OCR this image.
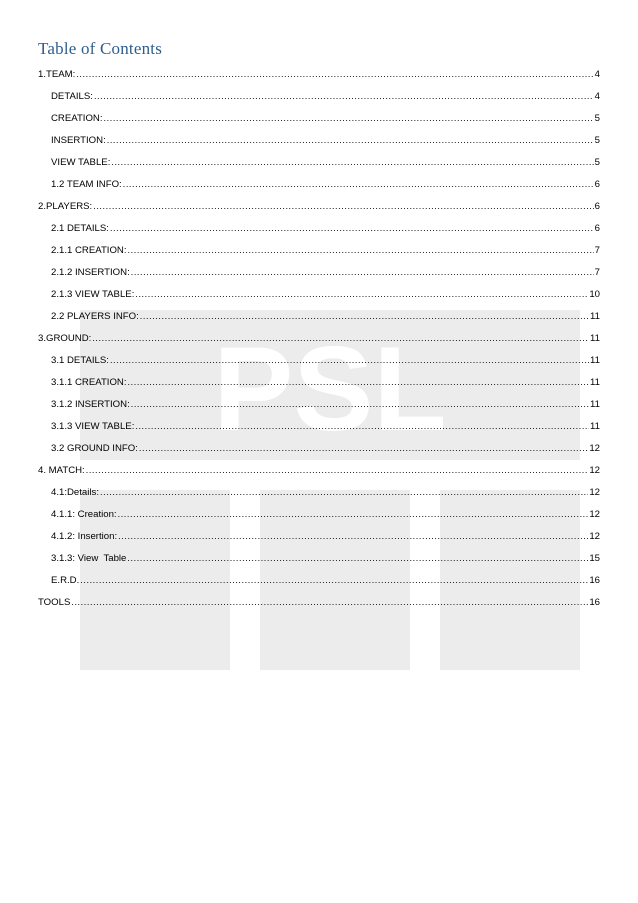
PSL
Table of Contents
1.TEAM: .....	4
DETAILS: .....	4
CREATION: .....	5
INSERTION: .....	5
VIEW TABLE: .....	5
1.2 TEAM INFO: .....	6
2.PLAYERS: .....	6
2.1 DETAILS: .....	6
2.1.1 CREATION: .....	7
2.1.2 INSERTION: .....	7
2.1.3 VIEW TABLE: .....	10
2.2 PLAYERS INFO: .....	11
3.GROUND: .....	11
3.1 DETAILS: .....	11
3.1.1 CREATION: .....	11
3.1.2 INSERTION: .....	11
3.1.3 VIEW TABLE: .....	11
3.2 GROUND INFO: .....	12
4. MATCH: .....	12
4.1:Details: .....	12
4.1.1: Creation: .....	12
4.1.2: Insertion: .....	12
3.1.3: View  Table .....	15
E.R.D. .....	16
TOOLS .....	16
